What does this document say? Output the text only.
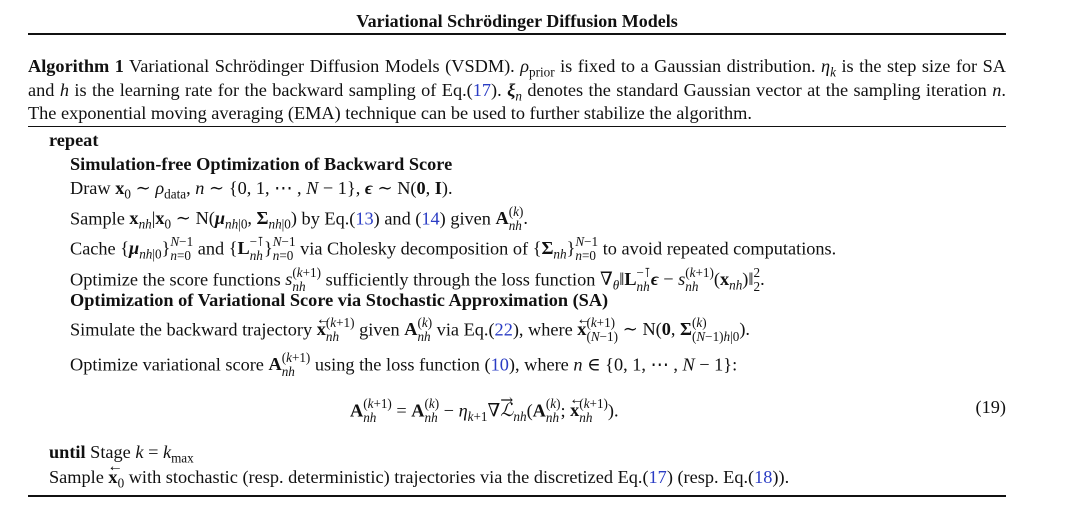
Variational Schrödinger Diffusion Models
Algorithm 1 Variational Schrödinger Diffusion Models (VSDM). $\rho_{prior}$ is fixed to a Gaussian distribution. $\eta_k$ is the step size for SA and h is the learning rate for the backward sampling of Eq.(17). $\xi_n$ denotes the standard Gaussian vector at the sampling iteration n. The exponential moving averaging (EMA) technique can be used to further stabilize the algorithm.
repeat
Simulation-free Optimization of Backward Score
Draw $x_0$ ∼ $\rho_{data}$, n ∼ {0, 1, ⋯ , N − 1}, ϵ ∼ N(0, I).
Sample $x_{nh}|x_0$ ∼ $N(\mu_{nh|0}$, $\Sigma_{nh|0}$) by Eq.(13) and (14) given A (k)
nh .
Cache $\{\mu_{nh|0}\}$ N−1
n=0 and {L −⊺
nh } N−1
n=0 via Cholesky decomposition of $\{\Sigma_{nh}\}$ N−1
n=0 to avoid repeated computations.
Optimize the score functions s (k+1)
nh	sufficiently through the loss function $\nabla_\theta‖L$ −⊺
nh ϵ − s (k+1)
nh $(x_{nh})‖$ 2
2 .
Optimization of Variational Score via Stochastic Approximation (SA)
Simulate the backward trajectory ← x (k+1)
nh	given A (k)
nh via Eq.(22), where ← x (k+1)
(N−1) ∼ N(0, Σ (k)
(N−1)h|0 ).
Optimize variational score A (k+1)
nh	using the loss function (10), where n ∈ {0, 1, ⋯ , N − 1}:
A (k+1)
nh = A (k)
nh − $\eta_{k+1}\nabla\to$ ℒ$_{nh}$(A (k)
nh ; ← x (k+1)
nh ).	(19)
until Stage $k = k_{max}$
Sample ← $x_0$ with stochastic (resp. deterministic) trajectories via the discretized Eq.(17) (resp. Eq.(18)).
